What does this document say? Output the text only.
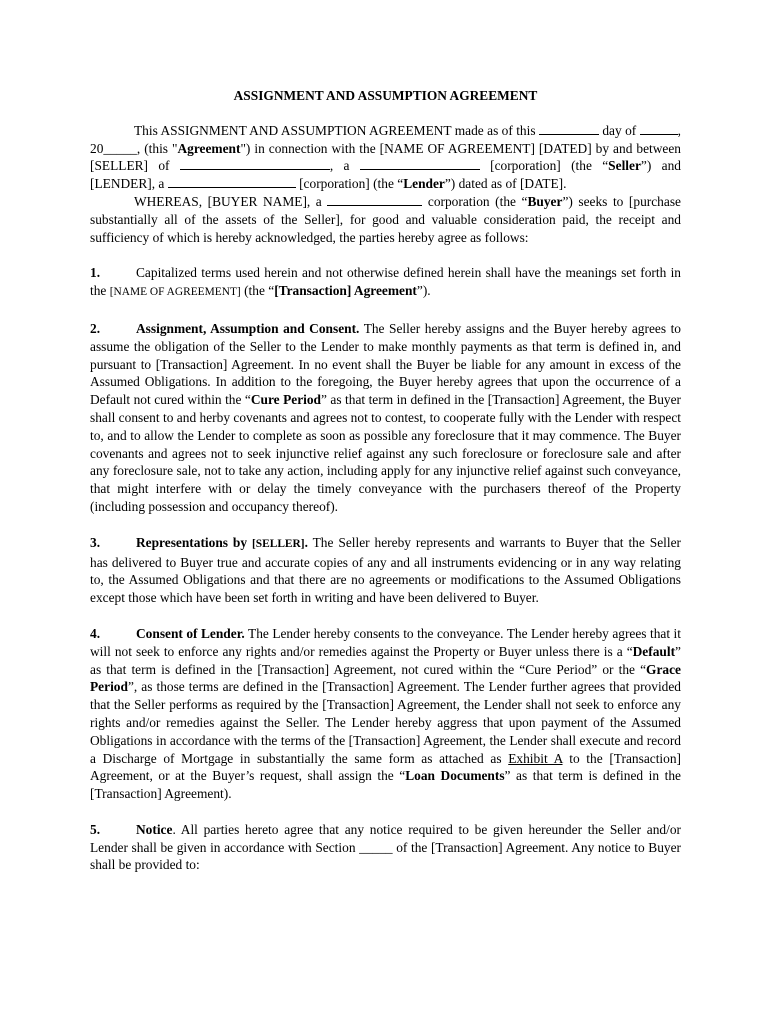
ASSIGNMENT AND ASSUMPTION AGREEMENT

This ASSIGNMENT AND ASSUMPTION AGREEMENT made as of this	day of	, 20_____, (this "Agreement") in connection with the [NAME OF AGREEMENT] [DATED] by and between [SELLER] of	, a	[corporation] (the “Seller”) and [LENDER], a	[corporation] (the “Lender”) dated as of [DATE].

WHEREAS, [BUYER NAME], a	corporation (the “Buyer”) seeks to [purchase substantially all of the assets of the Seller], for good and valuable consideration paid, the receipt and sufficiency of which is hereby acknowledged, the parties hereby agree as follows:

1.	Capitalized terms used herein and not otherwise defined herein shall have the meanings set forth in the [NAME OF AGREEMENT] (the “[Transaction] Agreement”).

2.	Assignment, Assumption and Consent. The Seller hereby assigns and the Buyer hereby agrees to assume the obligation of the Seller to the Lender to make monthly payments as that term is defined in, and pursuant to [Transaction] Agreement. In no event shall the Buyer be liable for any amount in excess of the Assumed Obligations. In addition to the foregoing, the Buyer hereby agrees that upon the occurrence of a Default not cured within the “Cure Period” as that term in defined in the [Transaction] Agreement, the Buyer shall consent to and herby covenants and agrees not to contest, to cooperate fully with the Lender with respect to, and to allow the Lender to complete as soon as possible any foreclosure that it may commence. The Buyer covenants and agrees not to seek injunctive relief against any such foreclosure or foreclosure sale and after any foreclosure sale, not to take any action, including apply for any injunctive relief against such conveyance, that might interfere with or delay the timely conveyance with the purchasers thereof of the Property (including possession and occupancy thereof).

3.	Representations by [SELLER]. The Seller hereby represents and warrants to Buyer that the Seller has delivered to Buyer true and accurate copies of any and all instruments evidencing or in any way relating to, the Assumed Obligations and that there are no agreements or modifications to the Assumed Obligations except those which have been set forth in writing and have been delivered to Buyer.

4.	Consent of Lender. The Lender hereby consents to the conveyance. The Lender hereby agrees that it will not seek to enforce any rights and/or remedies against the Property or Buyer unless there is a “Default” as that term is defined in the [Transaction] Agreement, not cured within the “Cure Period” or the “Grace Period”, as those terms are defined in the [Transaction] Agreement. The Lender further agrees that provided that the Seller performs as required by the [Transaction] Agreement, the Lender shall not seek to enforce any rights and/or remedies against the Seller. The Lender hereby aggress that upon payment of the Assumed Obligations in accordance with the terms of the [Transaction] Agreement, the Lender shall execute and record a Discharge of Mortgage in substantially the same form as attached as Exhibit A to the [Transaction] Agreement, or at the Buyer’s request, shall assign the “Loan Documents” as that term is defined in the [Transaction] Agreement).

5.	Notice. All parties hereto agree that any notice required to be given hereunder the Seller and/or Lender shall be given in accordance with Section _____ of the [Transaction] Agreement. Any notice to Buyer shall be provided to:
